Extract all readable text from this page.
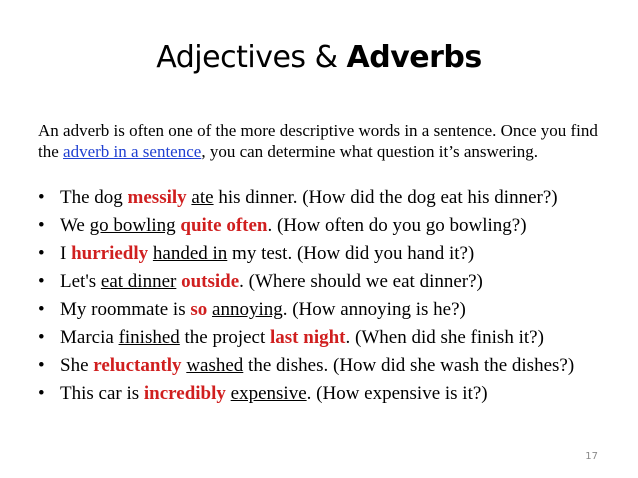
Adjectives & Adverbs
An adverb is often one of the more descriptive words in a sentence. Once you find the adverb in a sentence, you can determine what question it’s answering.
• The dog messily ate his dinner. (How did the dog eat his dinner?)
• We go bowling quite often. (How often do you go bowling?)
• I hurriedly handed in my test. (How did you hand it?)
• Let's eat dinner outside. (Where should we eat dinner?)
• My roommate is so annoying. (How annoying is he?)
• Marcia finished the project last night. (When did she finish it?)
• She reluctantly washed the dishes. (How did she wash the dishes?)
• This car is incredibly expensive. (How expensive is it?)
17
